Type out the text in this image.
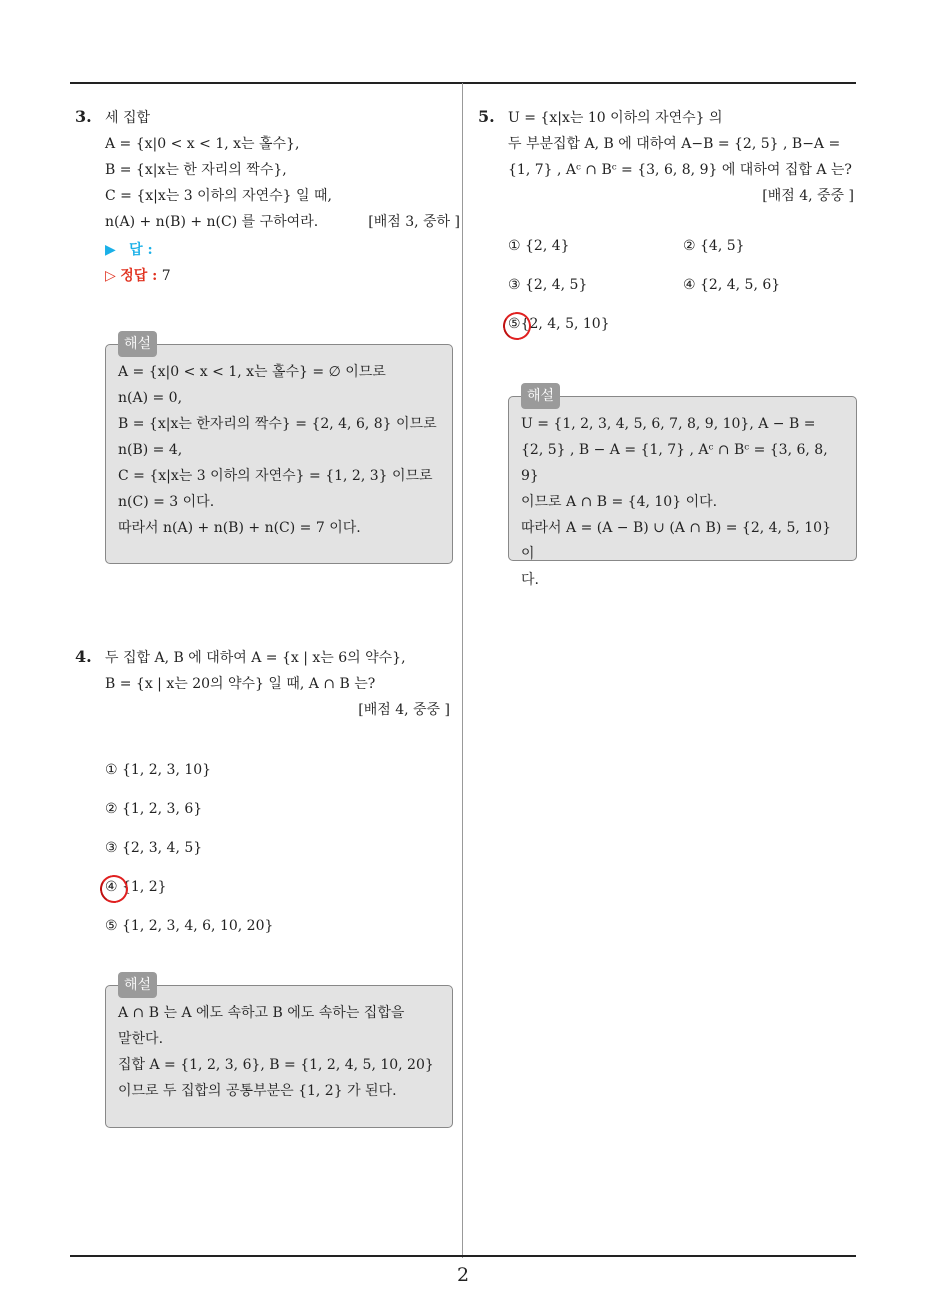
3. 세 집합
A = {x|0 < x < 1, x는 홀수},
B = {x|x는 한 자리의 짝수},
C = {x|x는 3 이하의 자연수} 일 때,
n(A) + n(B) + n(C) 를 구하여라.	[배점 3, 중하 ]
▶ 답 :
▷ 정답 : 7
해설
A = {x|0 < x < 1, x는 홀수} = ∅ 이므로
n(A) = 0,
B = {x|x는 한자리의 짝수} = {2, 4, 6, 8} 이므로
n(B) = 4,
C = {x|x는 3 이하의 자연수} = {1, 2, 3} 이므로
n(C) = 3 이다.
따라서 n(A) + n(B) + n(C) = 7 이다.
4. 두 집합 A, B 에 대하여 A = {x | x는 6의 약수},
B = {x | x는 20의 약수} 일 때, A ∩ B 는?
[배점 4, 중중 ]
① {1, 2, 3, 10}
② {1, 2, 3, 6}
③ {2, 3, 4, 5}
④ {1, 2}
⑤ {1, 2, 3, 4, 6, 10, 20}
해설
A ∩ B 는 A 에도 속하고 B 에도 속하는 집합을
말한다.
집합 A = {1, 2, 3, 6}, B = {1, 2, 4, 5, 10, 20}
이므로 두 집합의 공통부분은 {1, 2} 가 된다.
5. U = {x|x는 10 이하의 자연수} 의
두 부분집합 A, B 에 대하여 A−B = {2, 5} , B−A =
{1, 7} , Aᶜ ∩ Bᶜ = {3, 6, 8, 9} 에 대하여 집합 A 는?
[배점 4, 중중 ]
① {2, 4}	② {4, 5}
③ {2, 4, 5}	④ {2, 4, 5, 6}
⑤{2, 4, 5, 10}
해설
U = {1, 2, 3, 4, 5, 6, 7, 8, 9, 10}, A − B =
{2, 5} , B − A = {1, 7} , Aᶜ ∩ Bᶜ = {3, 6, 8, 9}
이므로 A ∩ B = {4, 10} 이다.
따라서 A = (A − B) ∪ (A ∩ B) = {2, 4, 5, 10} 이
다.
2
